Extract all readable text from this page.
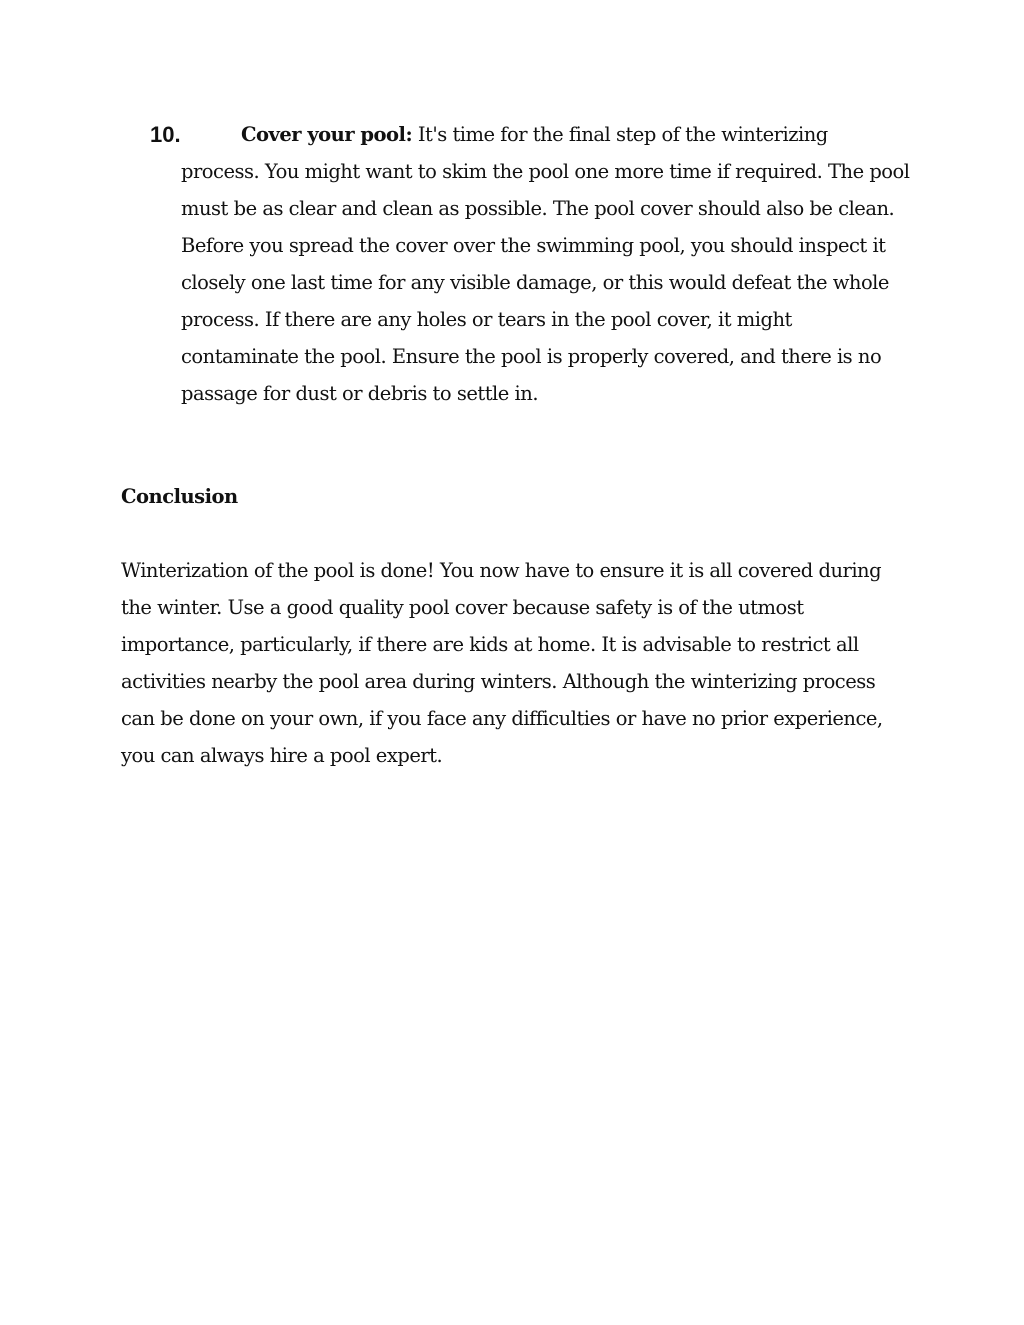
10.	Cover your pool: It's time for the final step of the winterizing process. You might want to skim the pool one more time if required. The pool must be as clear and clean as possible. The pool cover should also be clean. Before you spread the cover over the swimming pool, you should inspect it closely one last time for any visible damage, or this would defeat the whole process. If there are any holes or tears in the pool cover, it might contaminate the pool. Ensure the pool is properly covered, and there is no passage for dust or debris to settle in.

Conclusion

Winterization of the pool is done! You now have to ensure it is all covered during the winter. Use a good quality pool cover because safety is of the utmost importance, particularly, if there are kids at home. It is advisable to restrict all activities nearby the pool area during winters. Although the winterizing process can be done on your own, if you face any difficulties or have no prior experience, you can always hire a pool expert.
